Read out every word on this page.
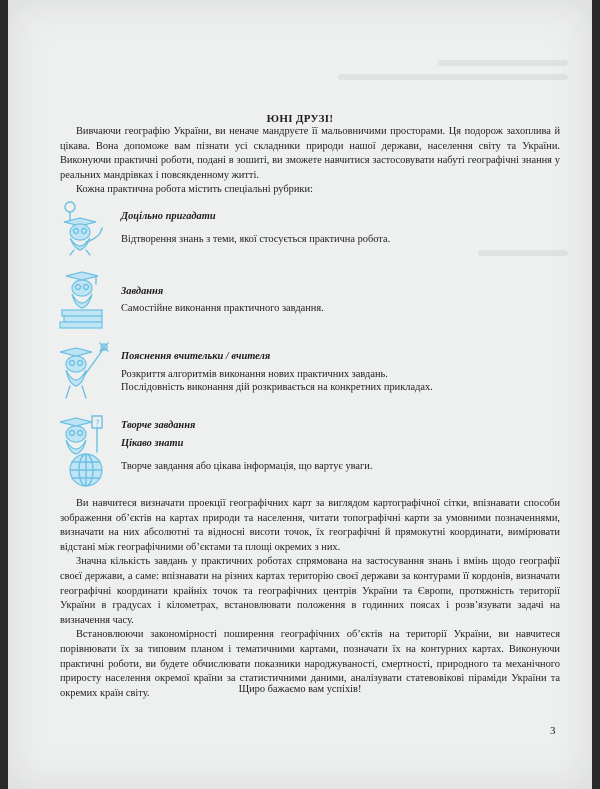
ЮНІ ДРУЗІ!

Вивчаючи географію України, ви неначе мандруєте її мальовничими просторами. Ця подорож захоплива й цікава. Вона допоможе вам пізнати усі складники природи нашої держави, населення світу та України. Виконуючи практичні роботи, подані в зошиті, ви зможете навчитися застосовувати набуті географічні знання у реальних мандрівках і повсякденному житті.

Кожна практична робота містить спеціальні рубрики:

Доцільно пригадати
Відтворення знань з теми, якої стосується практична робота.
Завдання
Самостійне виконання практичного завдання.
Пояснення вчительки / вчителя
Розкриття алгоритмів виконання нових практичних завдань.
Послідовність виконання дій розкривається на конкретних прикладах.
? Творче завдання
Цікаво знати
Творче завдання або цікава інформація, що вартує уваги.

Ви навчитеся визначати проекції географічних карт за виглядом картографічної сітки, впізнавати способи зображення об’єктів на картах природи та населення, читати топографічні карти за умовними позначеннями, визначати на них абсолютні та відносні висоти точок, їх географічні й прямокутні координати, вимірювати відстані між географічними об’єктами та площі окремих з них.

Значна кількість завдань у практичних роботах спрямована на застосування знань і вмінь щодо географії своєї держави, а саме: впізнавати на різних картах територію своєї держави за контурами її кордонів, визначати географічні координати крайніх точок та географічних центрів України та Європи, протяжність території України в градусах і кілометрах, встановлювати положення в годинних поясах і розв’язувати задачі на визначення часу.

Встановлюючи закономірності поширення географічних об’єктів на території України, ви навчитеся порівнювати їх за типовим планом і тематичними картами, позначати їх на контурних картах. Виконуючи практичні роботи, ви будете обчислювати показники народжуваності, смертності, природного та механічного приросту населення окремої країни за статистичними даними, аналізувати статевовікові піраміди України та окремих країн світу.	Щиро бажаємо вам успіхів!
3
